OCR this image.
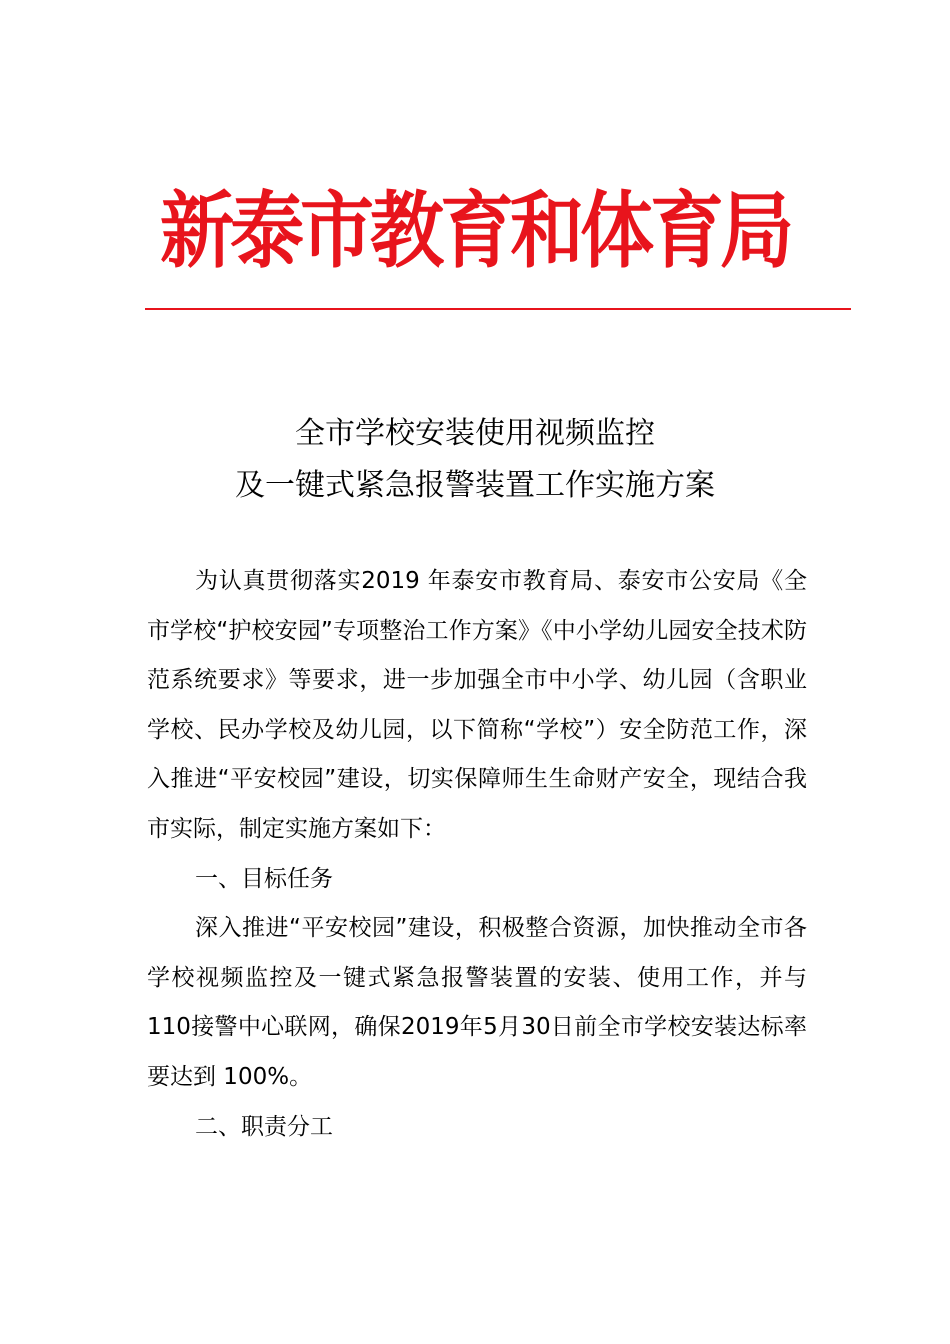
新泰市教育和体育局
全市学校安装使用视频监控
及一键式紧急报警装置工作实施方案

为认真贯彻落实2019 年泰安市教育局、泰安市公安局《全市学校“护校安园”专项整治工作方案》《中小学幼儿园安全技术防范系统要求》等要求，进一步加强全市中小学、幼儿园（含职业学校、民办学校及幼儿园，以下简称“学校”）安全防范工作，深入推进“平安校园”建设，切实保障师生生命财产安全，现结合我市实际，制定实施方案如下：

一、目标任务

深入推进“平安校园”建设，积极整合资源，加快推动全市各学校视频监控及一键式紧急报警装置的安装、使用工作，并与110接警中心联网，确保2019年5月30日前全市学校安装达标率要达到 100%。

二、职责分工
